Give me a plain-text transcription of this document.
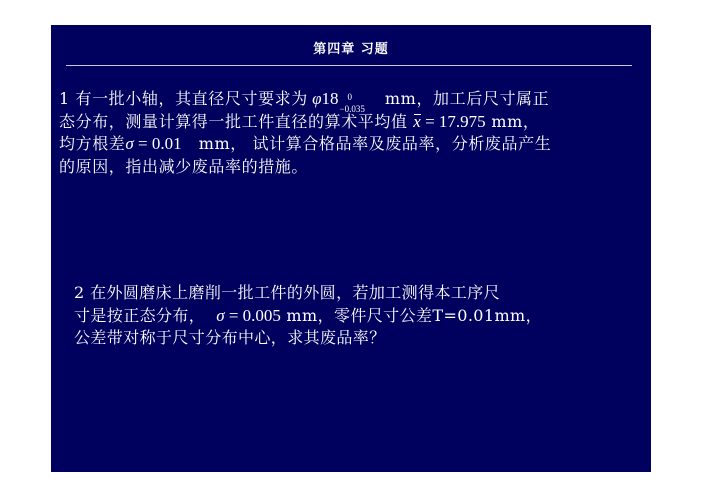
第四章 习题
1 有一批小轴，其直径尺寸要求为 φ18 0
−0.035
mm，加工后尺寸属正
态分布，测量计算得一批工件直径的算术平均值 x = 17.975 mm，
均方根差σ = 0.01 mm， 试计算合格品率及废品率，分析废品产生
的原因，指出减少废品率的措施。
2 在外圆磨床上磨削一批工件的外圆，若加工测得本工序尺
寸是按正态分布， σ = 0.005 mm，零件尺寸公差T=0.01mm，
公差带对称于尺寸分布中心，求其废品率？
